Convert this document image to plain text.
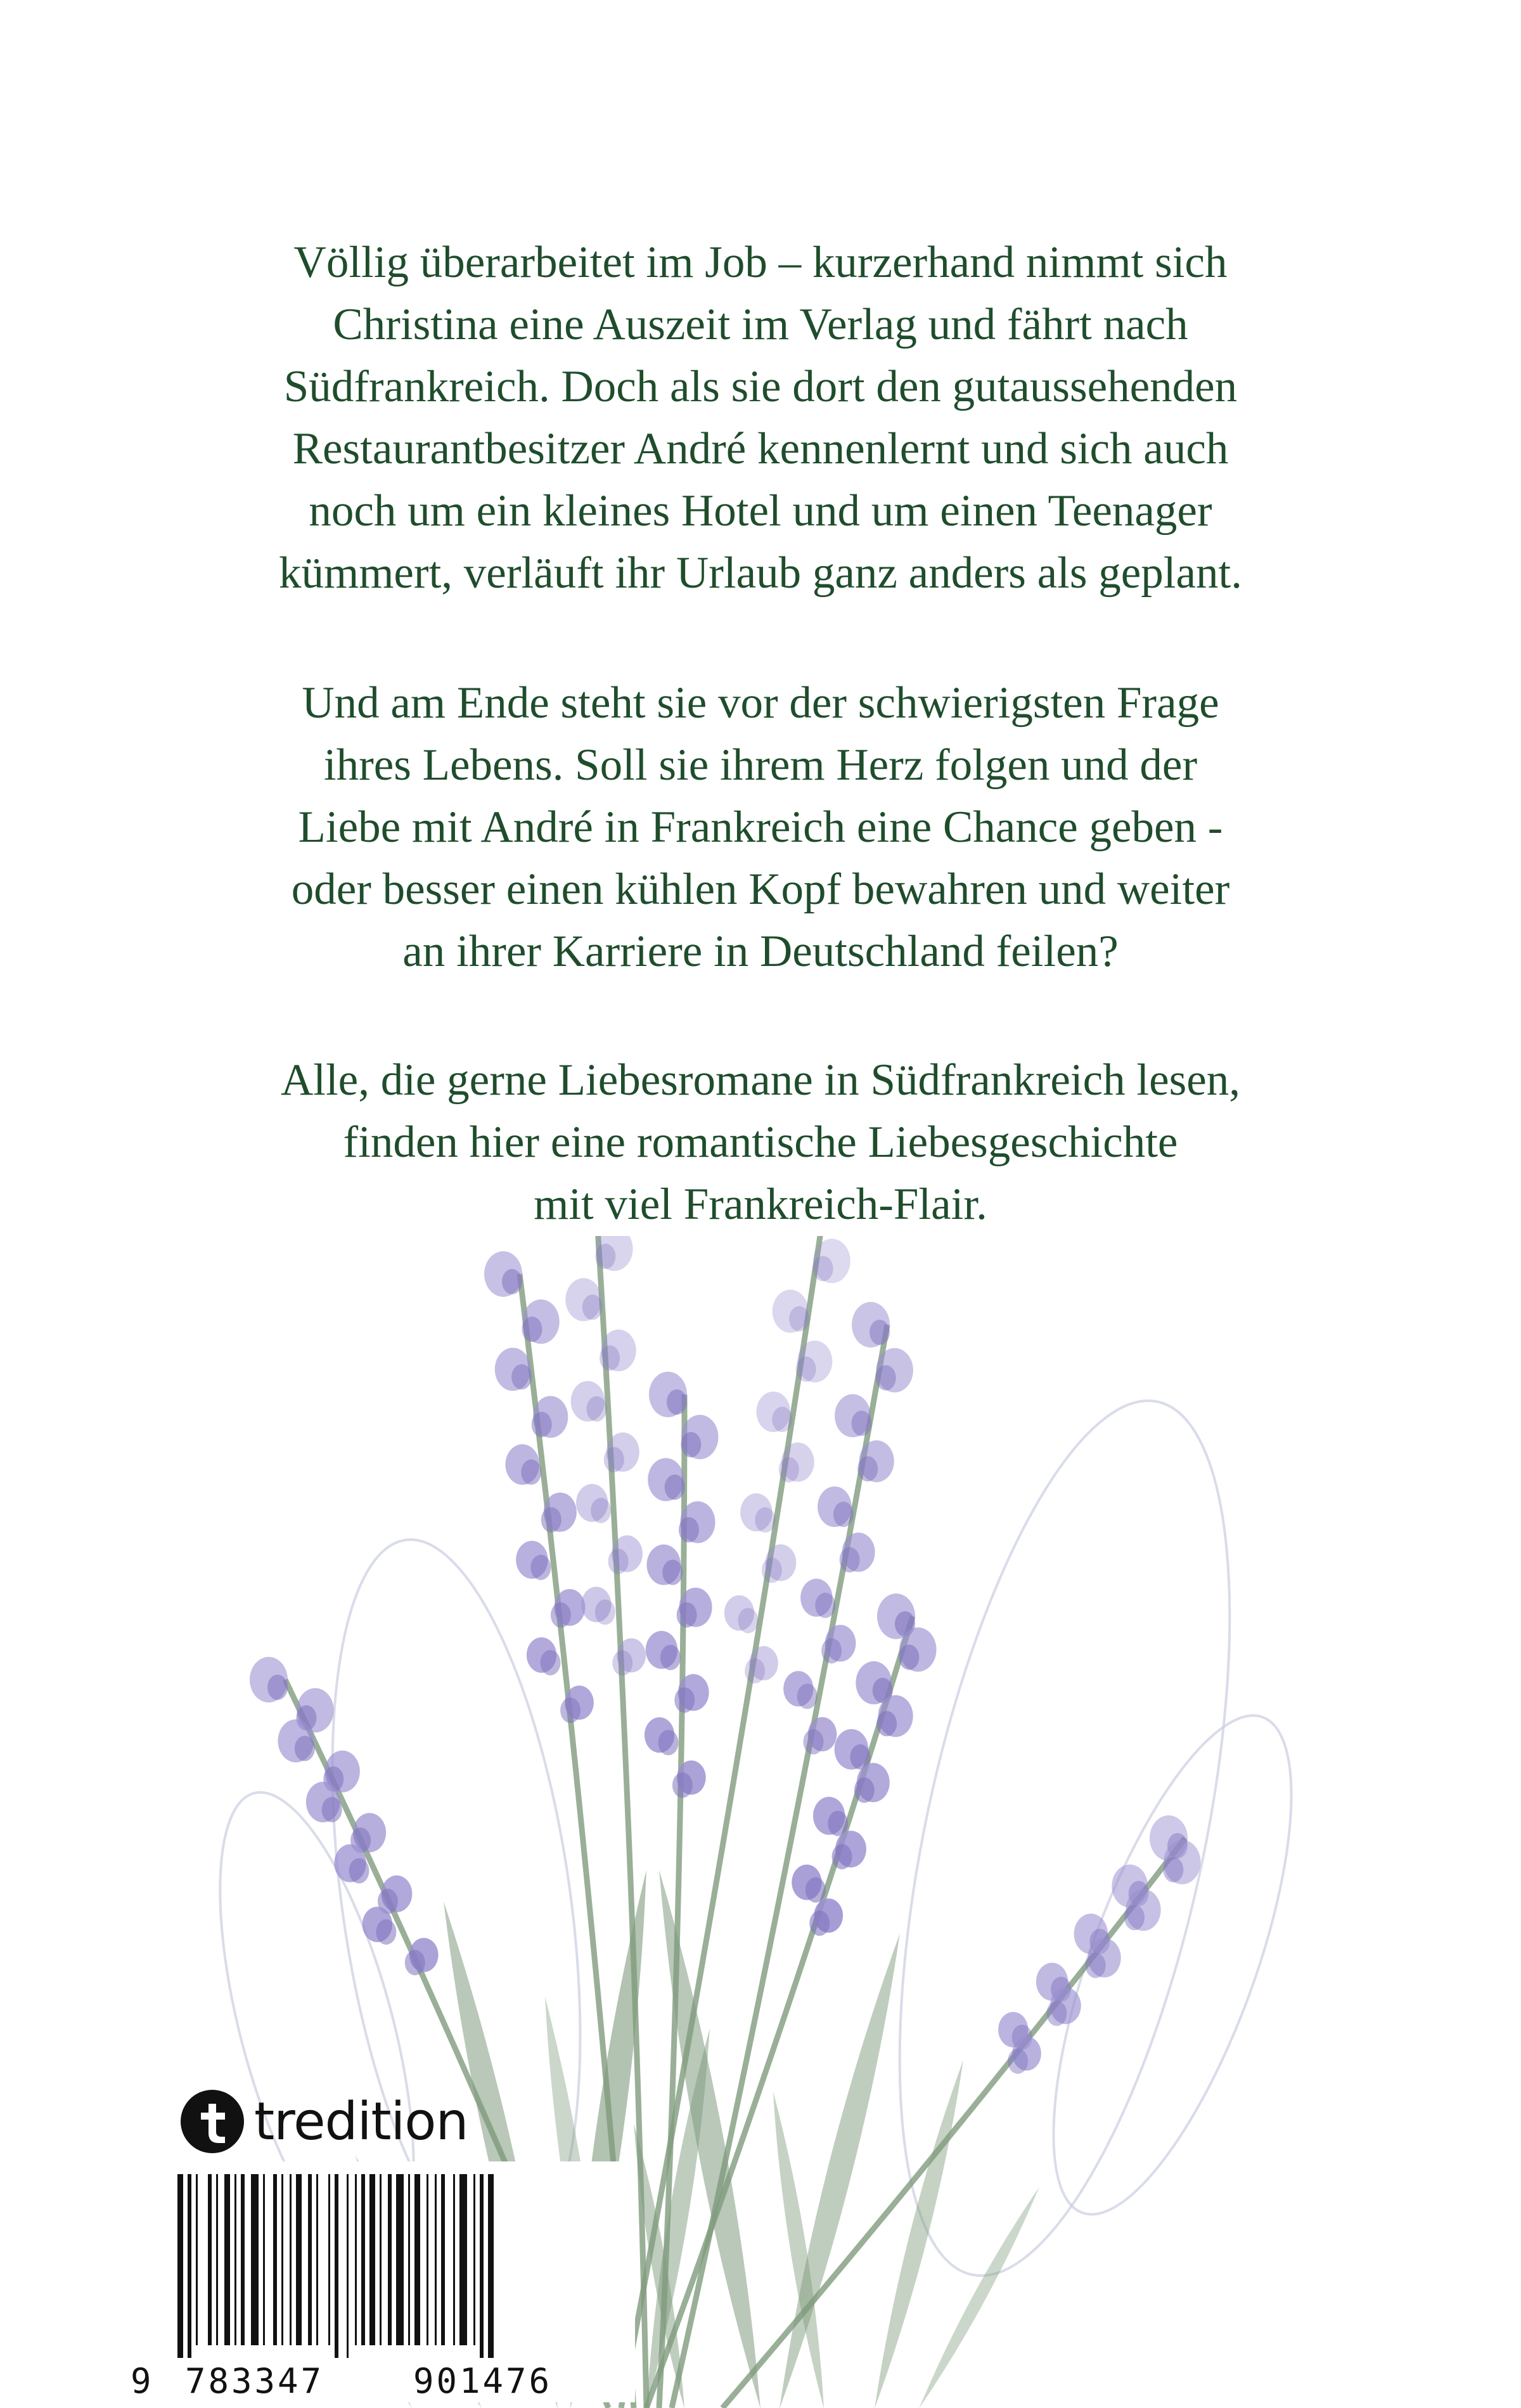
Völlig überarbeitet im Job – kurzerhand nimmt sich
Christina eine Auszeit im Verlag und fährt nach
Südfrankreich. Doch als sie dort den gutaussehenden
Restaurantbesitzer André kennenlernt und sich auch
noch um ein kleines Hotel und um einen Teenager
kümmert, verläuft ihr Urlaub ganz anders als geplant.
Und am Ende steht sie vor der schwierigsten Frage
ihres Lebens. Soll sie ihrem Herz folgen und der
Liebe mit André in Frankreich eine Chance geben -
oder besser einen kühlen Kopf bewahren und weiter
an ihrer Karriere in Deutschland feilen?
Alle, die gerne Liebesromane in Südfrankreich lesen,
finden hier eine romantische Liebesgeschichte
mit viel Frankreich-Flair.
tredition
9 783347	901476
